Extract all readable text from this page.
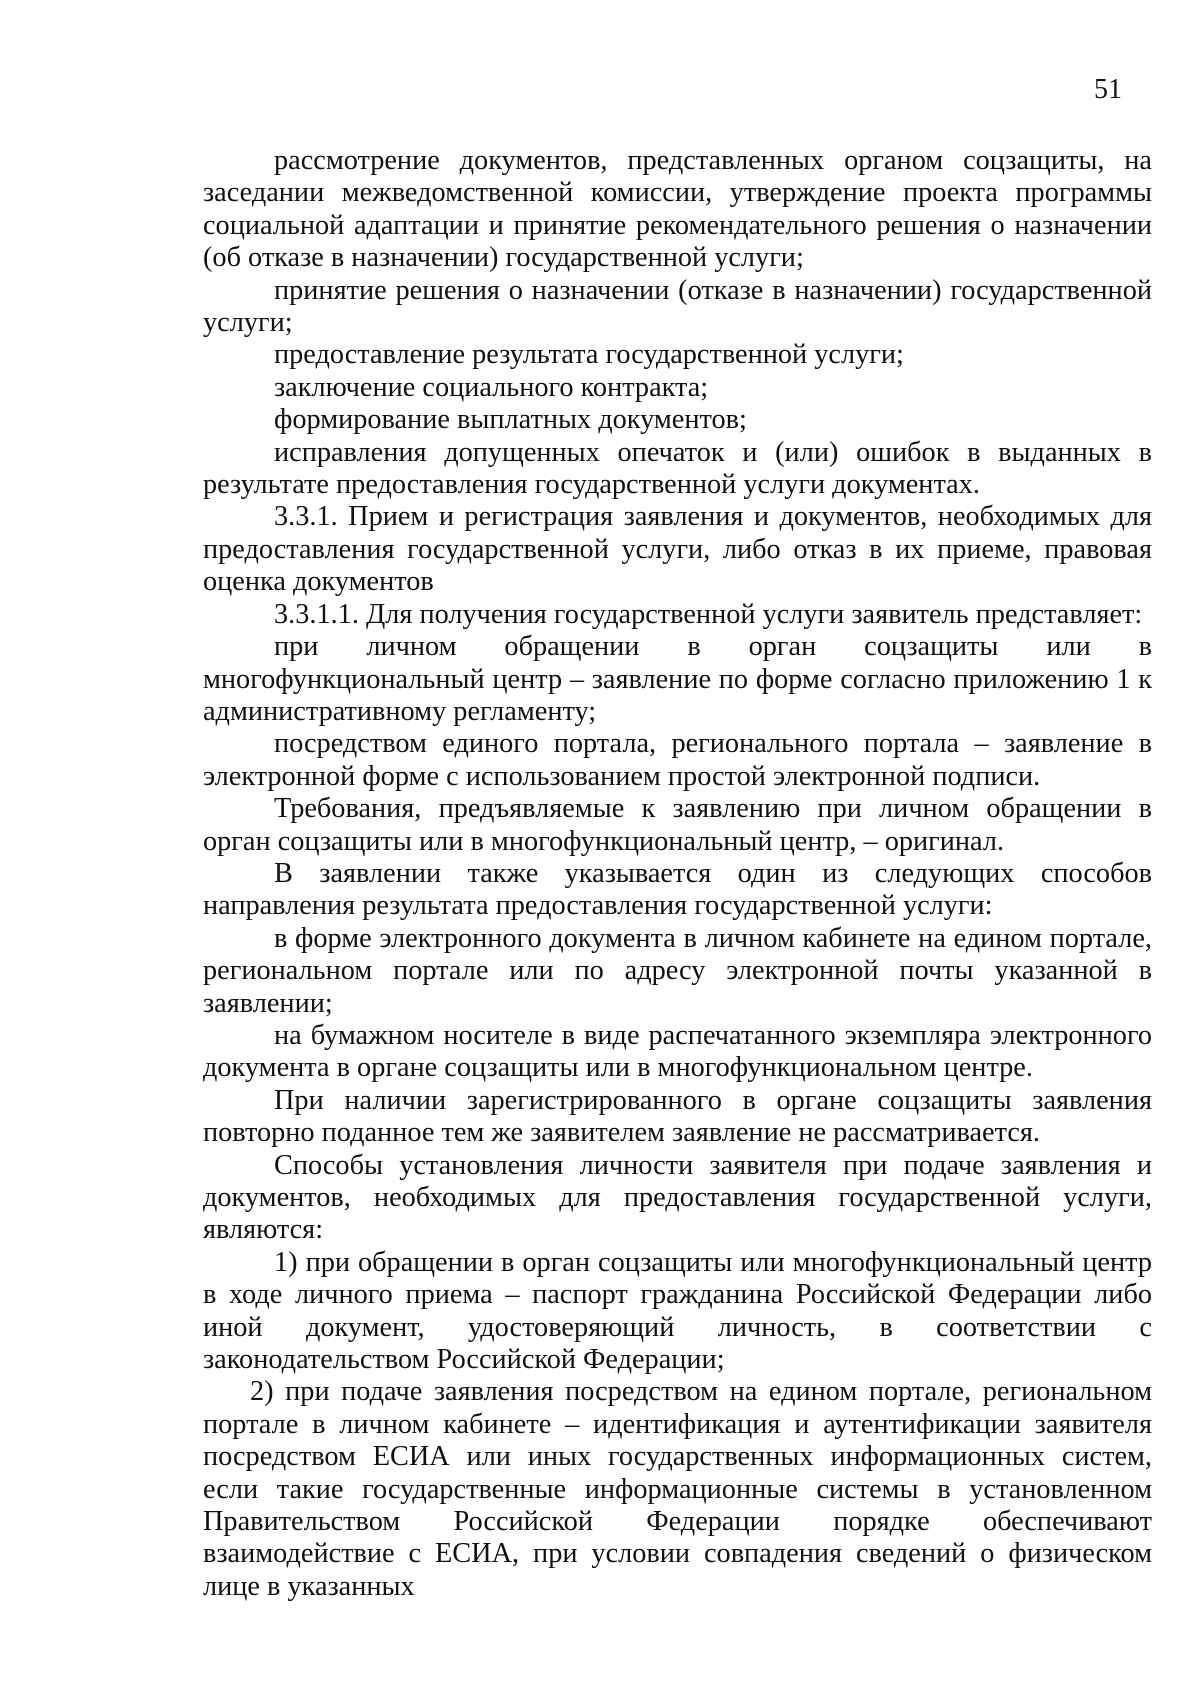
51

рассмотрение документов, представленных органом соцзащиты, на заседании межведомственной комиссии, утверждение проекта программы социальной адаптации и принятие рекомендательного решения о назначении (об отказе в назначении) государственной услуги;

принятие решения о назначении (отказе в назначении) государственной услуги;

предоставление результата государственной услуги;

заключение социального контракта;

формирование выплатных документов;

исправления допущенных опечаток и (или) ошибок в выданных в результате предоставления государственной услуги документах.

3.3.1. Прием и регистрация заявления и документов, необходимых для предоставления государственной услуги, либо отказ в их приеме, правовая оценка документов

3.3.1.1. Для получения государственной услуги заявитель представляет:

при личном обращении в орган соцзащиты или в многофункциональный центр – заявление по форме согласно приложению 1 к административному регламенту;

посредством единого портала, регионального портала – заявление в электронной форме с использованием простой электронной подписи.

Требования, предъявляемые к заявлению при личном обращении в орган соцзащиты или в многофункциональный центр, – оригинал.

В заявлении также указывается один из следующих способов направления результата предоставления государственной услуги:

в форме электронного документа в личном кабинете на едином портале, региональном портале или по адресу электронной почты указанной в заявлении;

на бумажном носителе в виде распечатанного экземпляра электронного документа в органе соцзащиты или в многофункциональном центре.

При наличии зарегистрированного в органе соцзащиты заявления повторно поданное тем же заявителем заявление не рассматривается.

Способы установления личности заявителя при подаче заявления и документов, необходимых для предоставления государственной услуги, являются:

1) при обращении в орган соцзащиты или многофункциональный центр в ходе личного приема – паспорт гражданина Российской Федерации либо иной документ, удостоверяющий личность, в соответствии с законодательством Российской Федерации;

2) при подаче заявления посредством на едином портале, региональном портале в личном кабинете – идентификация и аутентификации заявителя посредством ЕСИА или иных государственных информационных систем, если такие государственные информационные системы в установленном Правительством Российской Федерации порядке обеспечивают взаимодействие с ЕСИА, при условии совпадения сведений о физическом лице в указанных
